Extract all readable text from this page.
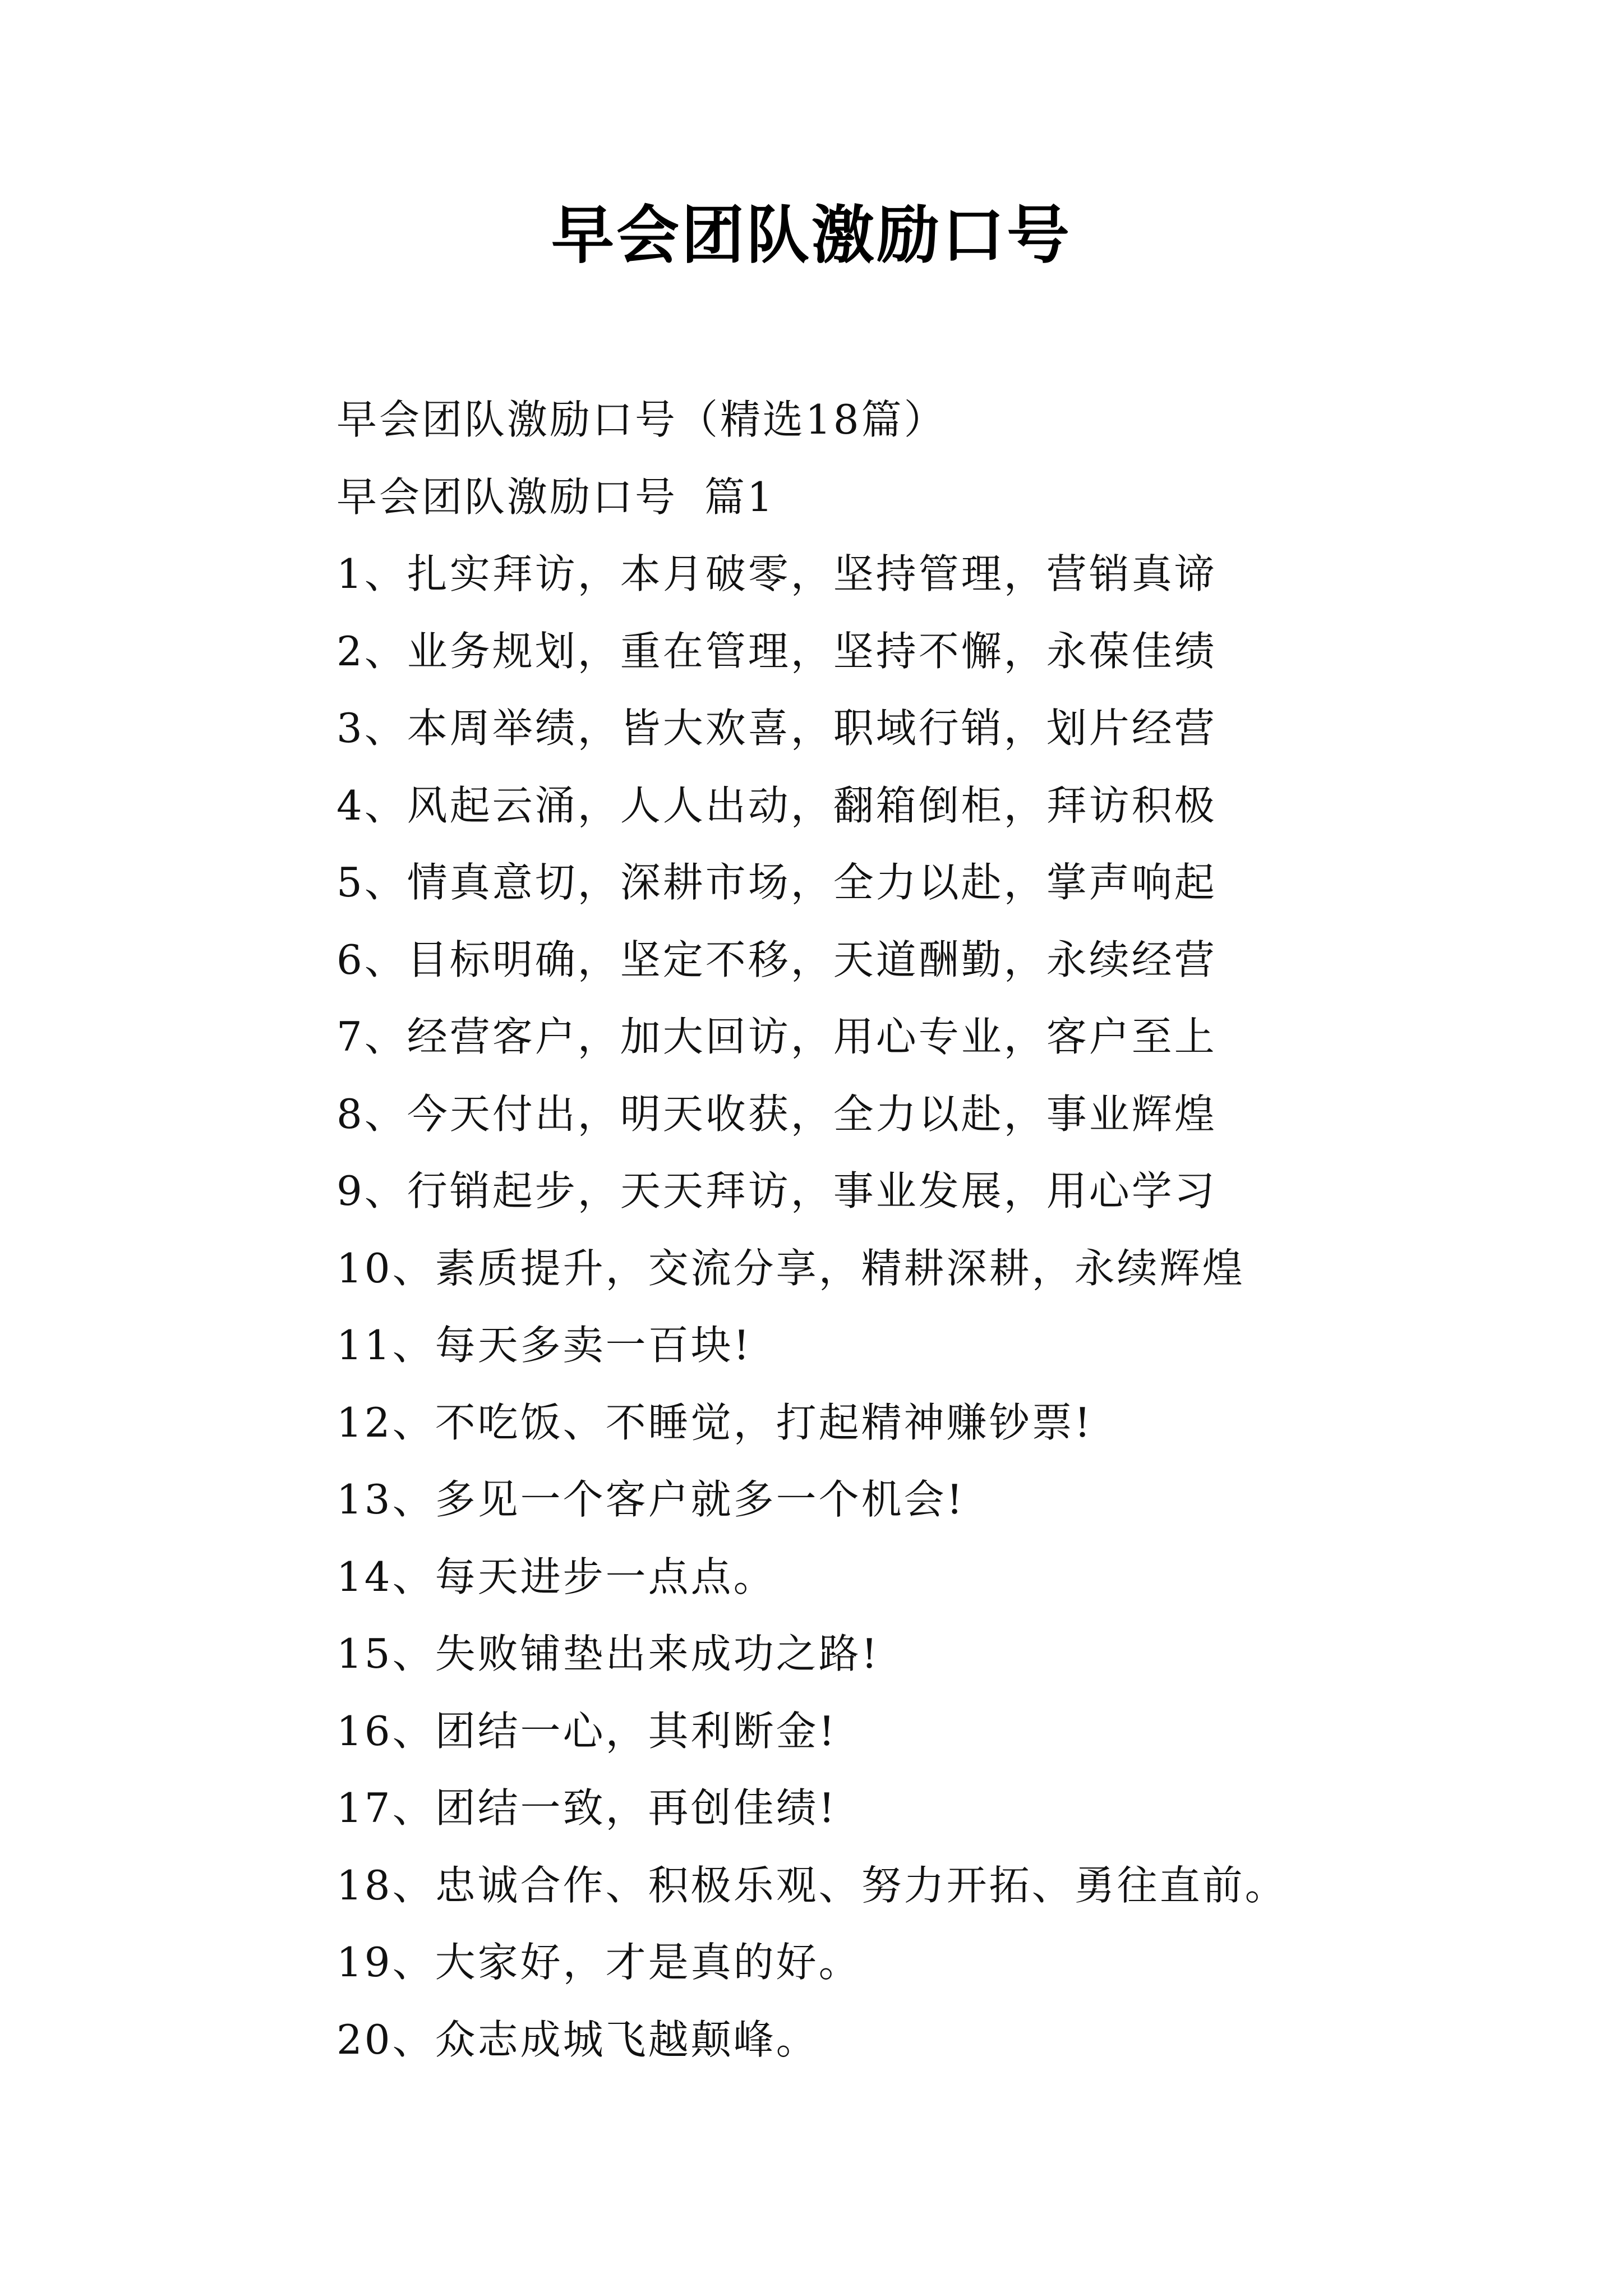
早会团队激励口号
早会团队激励口号（精选18篇）
早会团队激励口号 篇1
1、扎实拜访，本月破零，坚持管理，营销真谛
2、业务规划，重在管理，坚持不懈，永葆佳绩
3、本周举绩，皆大欢喜，职域行销，划片经营
4、风起云涌，人人出动，翻箱倒柜，拜访积极
5、情真意切，深耕市场，全力以赴，掌声响起
6、目标明确，坚定不移，天道酬勤，永续经营
7、经营客户，加大回访，用心专业，客户至上
8、今天付出，明天收获，全力以赴，事业辉煌
9、行销起步，天天拜访，事业发展，用心学习
10、素质提升，交流分享，精耕深耕，永续辉煌
11、每天多卖一百块!
12、不吃饭、不睡觉，打起精神赚钞票!
13、多见一个客户就多一个机会!
14、每天进步一点点。
15、失败铺垫出来成功之路!
16、团结一心，其利断金!
17、团结一致，再创佳绩!
18、忠诚合作、积极乐观、努力开拓、勇往直前。
19、大家好，才是真的好。
20、众志成城飞越颠峰。
